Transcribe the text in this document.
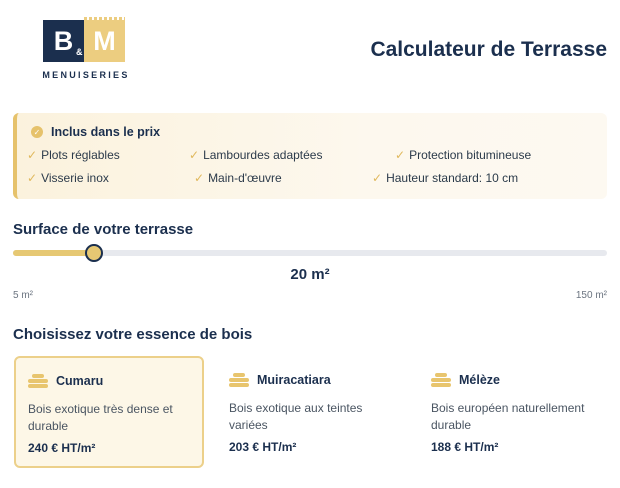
B M
&
MENUISERIES
Calculateur de Terrasse
✓ Inclus dans le prix
✓ Plots réglables	✓ Lambourdes adaptées	✓ Protection bitumineuse
✓ Visserie inox	✓ Main-d'œuvre	✓ Hauteur standard: 10 cm
Surface de votre terrasse
20 m²
5 m²	150 m²
Choisissez votre essence de bois
Cumaru
Bois exotique très dense et durable
240 € HT/m²
Muiracatiara
Bois exotique aux teintes variées
203 € HT/m²
Mélèze
Bois européen naturellement durable
188 € HT/m²
